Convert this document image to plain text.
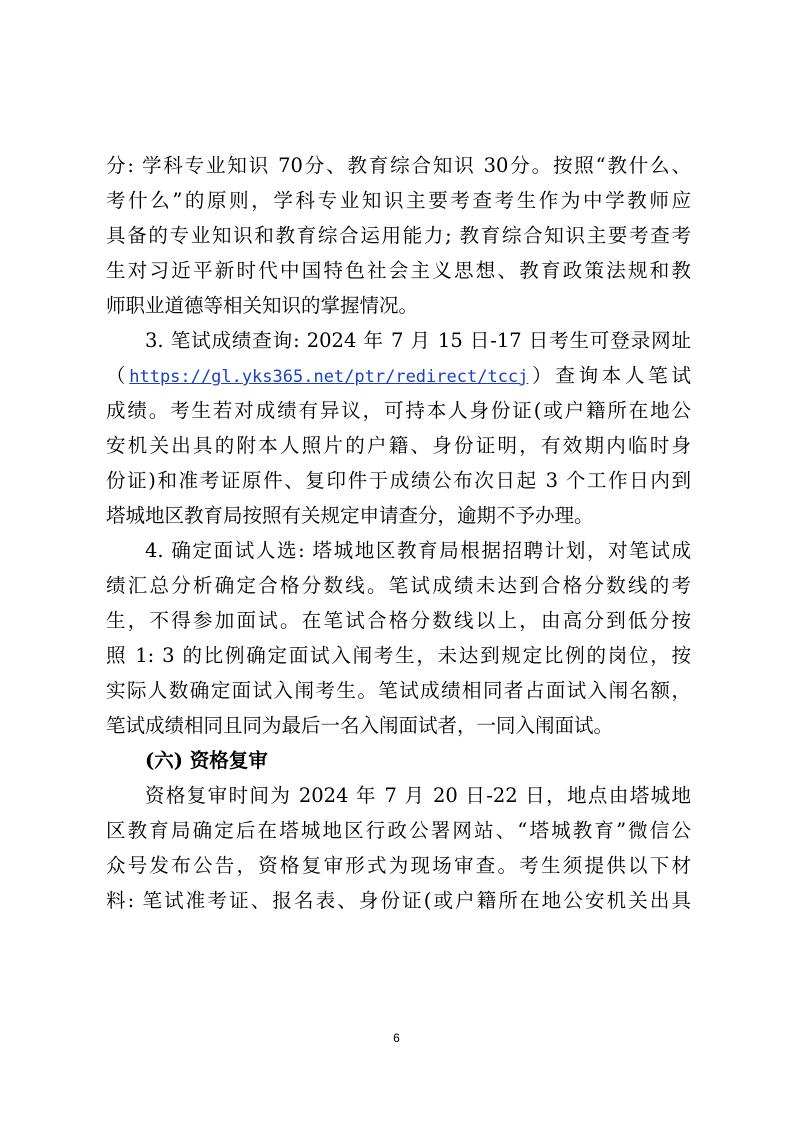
分: 学科专业知识 70分、教育综合知识 30分。按照“教什么、
考什么”的原则，学科专业知识主要考查考生作为中学教师应
具备的专业知识和教育综合运用能力; 教育综合知识主要考查考
生对习近平新时代中国特色社会主义思想、教育政策法规和教
师职业道德等相关知识的掌握情况。
3. 笔试成绩查询: 2024 年 7 月 15 日-17 日考生可登录网址
（https://gl.yks365.net/ptr/redirect/tccj）查询本人笔试
成绩。考生若对成绩有异议，可持本人身份证(或户籍所在地公
安机关出具的附本人照片的户籍、身份证明，有效期内临时身
份证)和准考证原件、复印件于成绩公布次日起 3 个工作日内到
塔城地区教育局按照有关规定申请查分，逾期不予办理。
4. 确定面试人选: 塔城地区教育局根据招聘计划，对笔试成
绩汇总分析确定合格分数线。笔试成绩未达到合格分数线的考
生，不得参加面试。在笔试合格分数线以上，由高分到低分按
照 1: 3 的比例确定面试入闱考生，未达到规定比例的岗位，按
实际人数确定面试入闱考生。笔试成绩相同者占面试入闱名额，
笔试成绩相同且同为最后一名入闱面试者，一同入闱面试。
(六) 资格复审
资格复审时间为 2024 年 7 月 20 日-22 日，地点由塔城地
区教育局确定后在塔城地区行政公署网站、“塔城教育”微信公
众号发布公告，资格复审形式为现场审查。考生须提供以下材
料: 笔试准考证、报名表、身份证(或户籍所在地公安机关出具
6
